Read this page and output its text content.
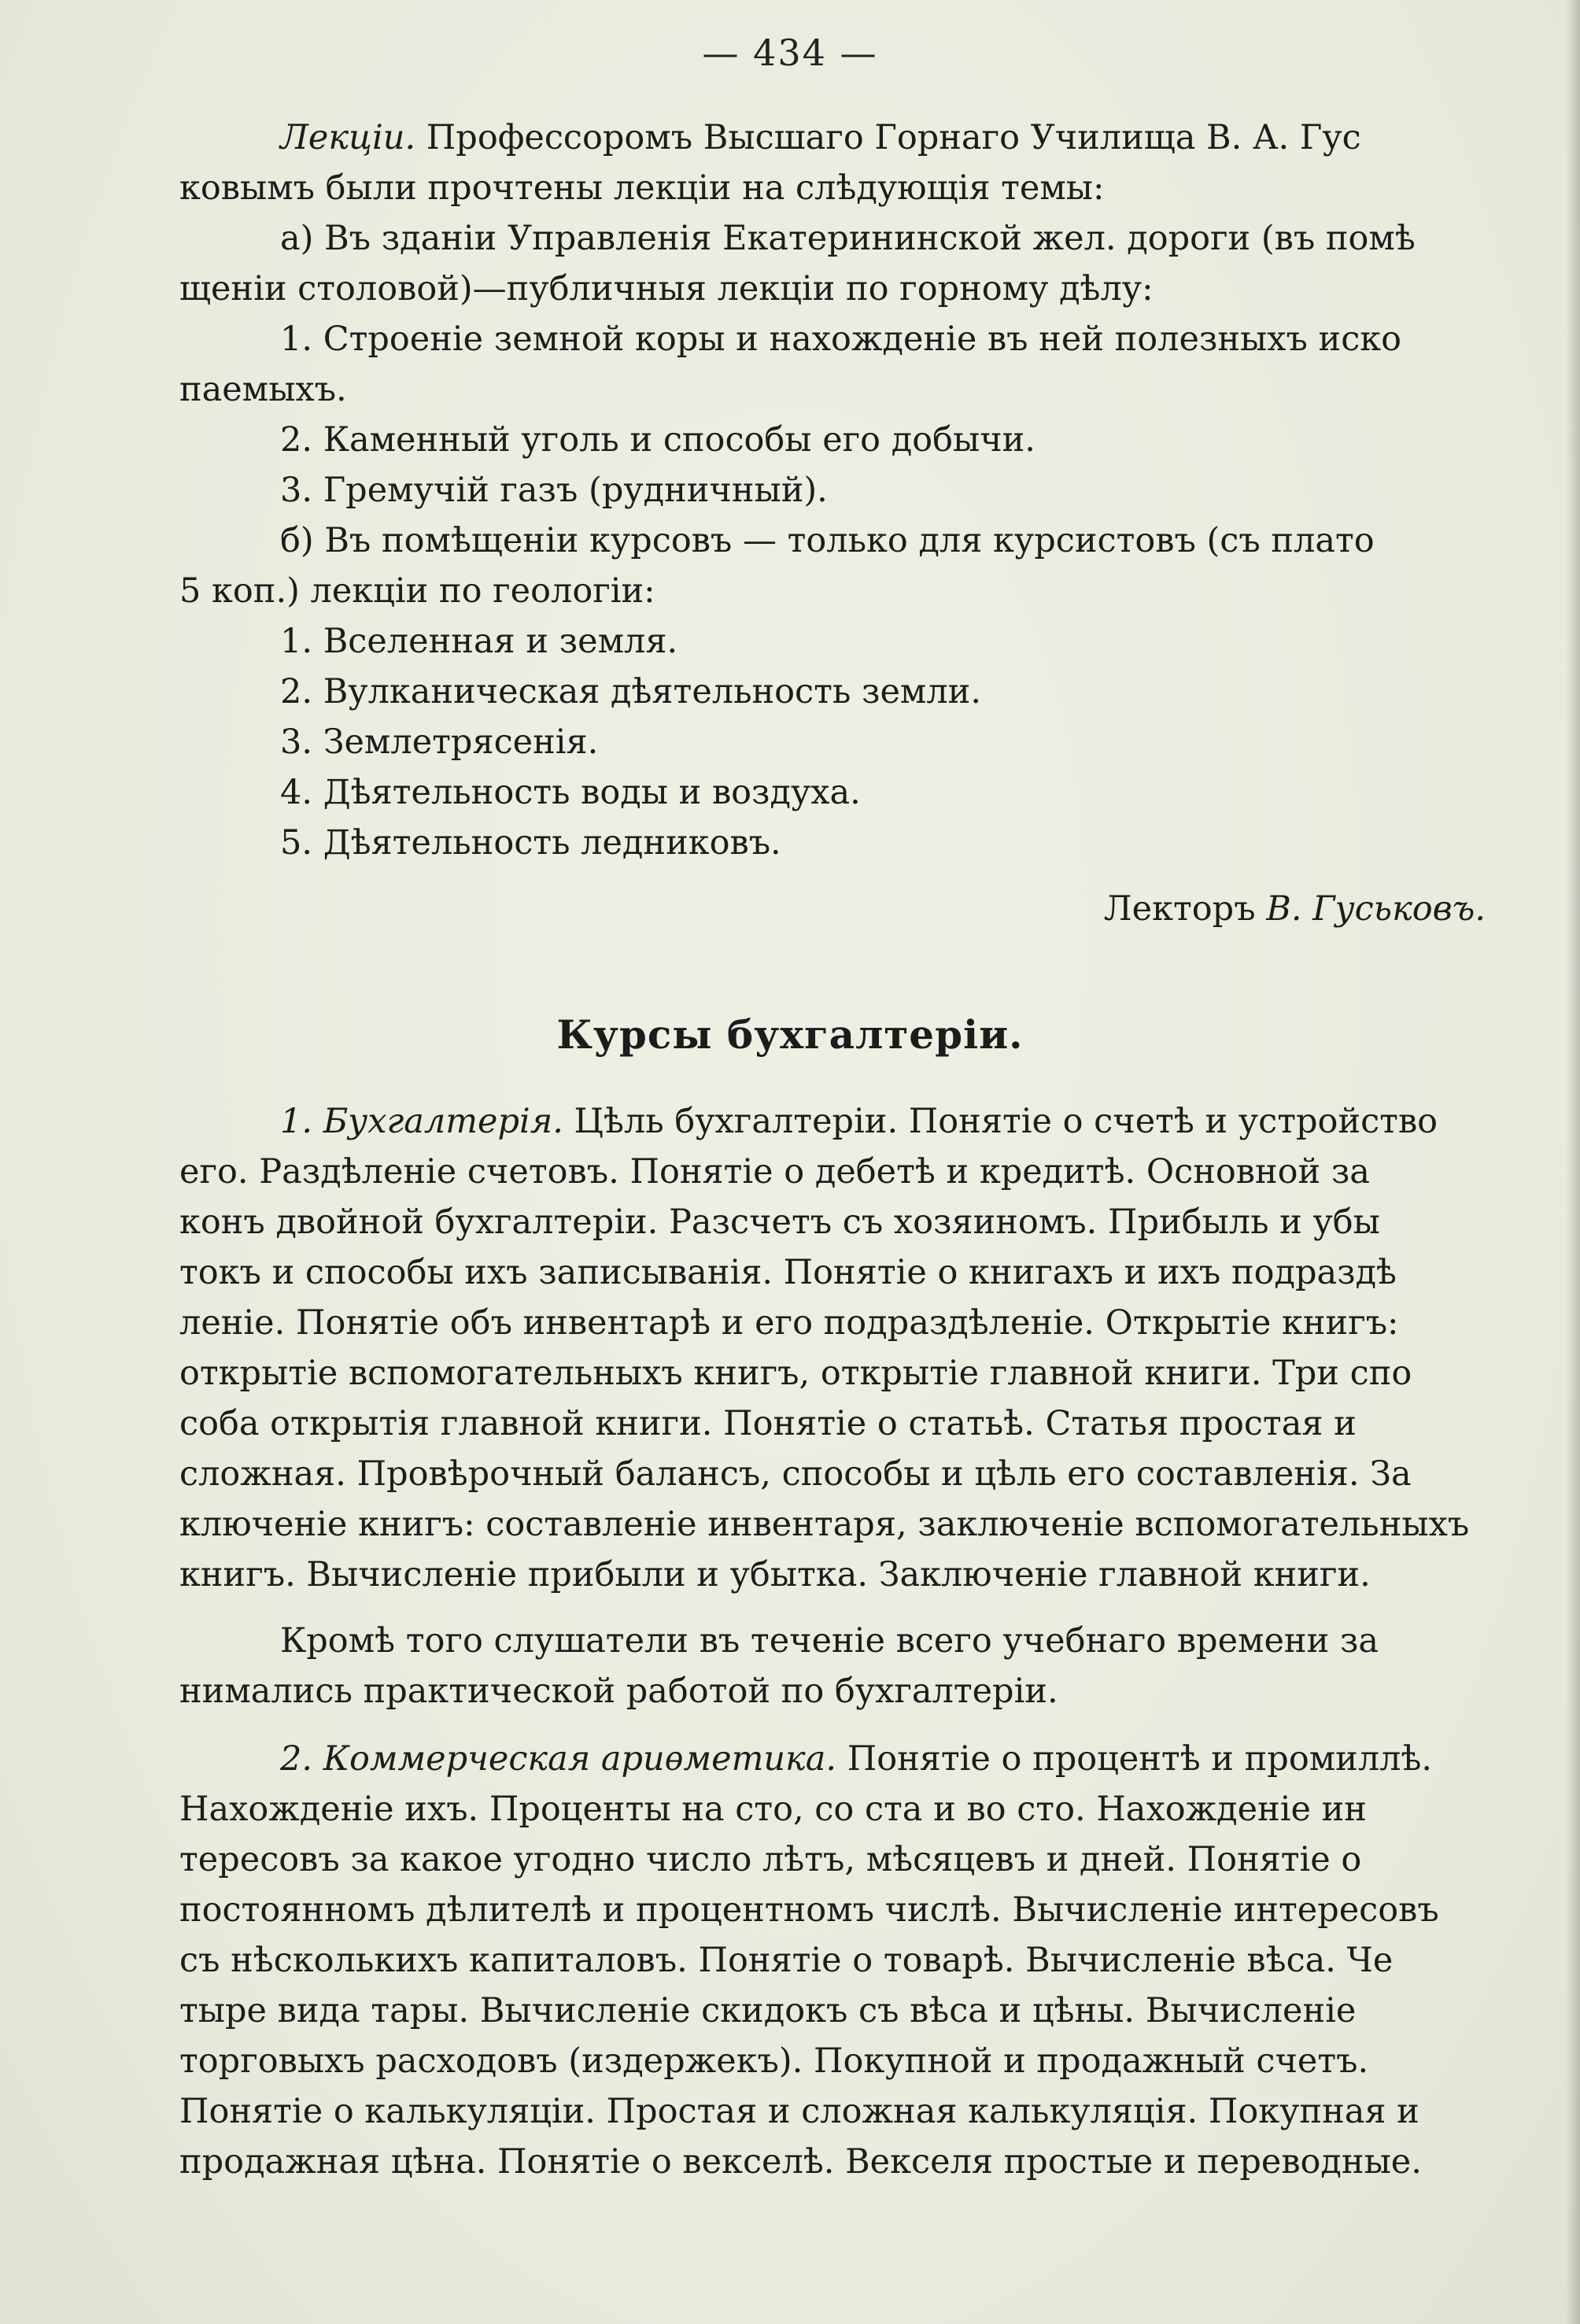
— 434 —
Лекціи. Профессоромъ Высшаго Горнаго Училища В. А. Гус
ковымъ были прочтены лекціи на слѣдующія темы:
а) Въ зданіи Управленія Екатерининской жел. дороги (въ помѣ
щеніи столовой)—публичныя лекціи по горному дѣлу:
1. Строеніе земной коры и нахожденіе въ ней полезныхъ иско
паемыхъ.
2. Каменный уголь и способы его добычи.
3. Гремучій газъ (рудничный).
б) Въ помѣщеніи курсовъ — только для курсистовъ (съ плато
5 коп.) лекціи по геологіи:
1. Вселенная и земля.
2. Вулканическая дѣятельность земли.
3. Землетрясенія.
4. Дѣятельность воды и воздуха.
5. Дѣятельность ледниковъ.
Лекторъ В. Гуськовъ.
Курсы бухгалтеріи.
1. Бухгалтерія. Цѣль бухгалтеріи. Понятіе о счетѣ и устройство
его. Раздѣленіе счетовъ. Понятіе о дебетѣ и кредитѣ. Основной за
конъ двойной бухгалтеріи. Разсчетъ съ хозяиномъ. Прибыль и убы
токъ и способы ихъ записыванія. Понятіе о книгахъ и ихъ подраздѣ
леніе. Понятіе объ инвентарѣ и его подраздѣленіе. Открытіе книгъ:
открытіе вспомогательныхъ книгъ, открытіе главной книги. Три спо
соба открытія главной книги. Понятіе о статьѣ. Статья простая и
сложная. Провѣрочный балансъ, способы и цѣль его составленія. За
ключеніе книгъ: составленіе инвентаря, заключеніе вспомогательныхъ
книгъ. Вычисленіе прибыли и убытка. Заключеніе главной книги.
Кромѣ того слушатели въ теченіе всего учебнаго времени за
нимались практической работой по бухгалтеріи.
2. Коммерческая ариѳметика. Понятіе о процентѣ и промиллѣ.
Нахожденіе ихъ. Проценты на сто, со ста и во сто. Нахожденіе ин
тересовъ за какое угодно число лѣтъ, мѣсяцевъ и дней. Понятіе о
постоянномъ дѣлителѣ и процентномъ числѣ. Вычисленіе интересовъ
съ нѣсколькихъ капиталовъ. Понятіе о товарѣ. Вычисленіе вѣса. Че
тыре вида тары. Вычисленіе скидокъ съ вѣса и цѣны. Вычисленіе
торговыхъ расходовъ (издержекъ). Покупной и продажный счетъ.
Понятіе о калькуляціи. Простая и сложная калькуляція. Покупная и
продажная цѣна. Понятіе о векселѣ. Векселя простые и переводные.
